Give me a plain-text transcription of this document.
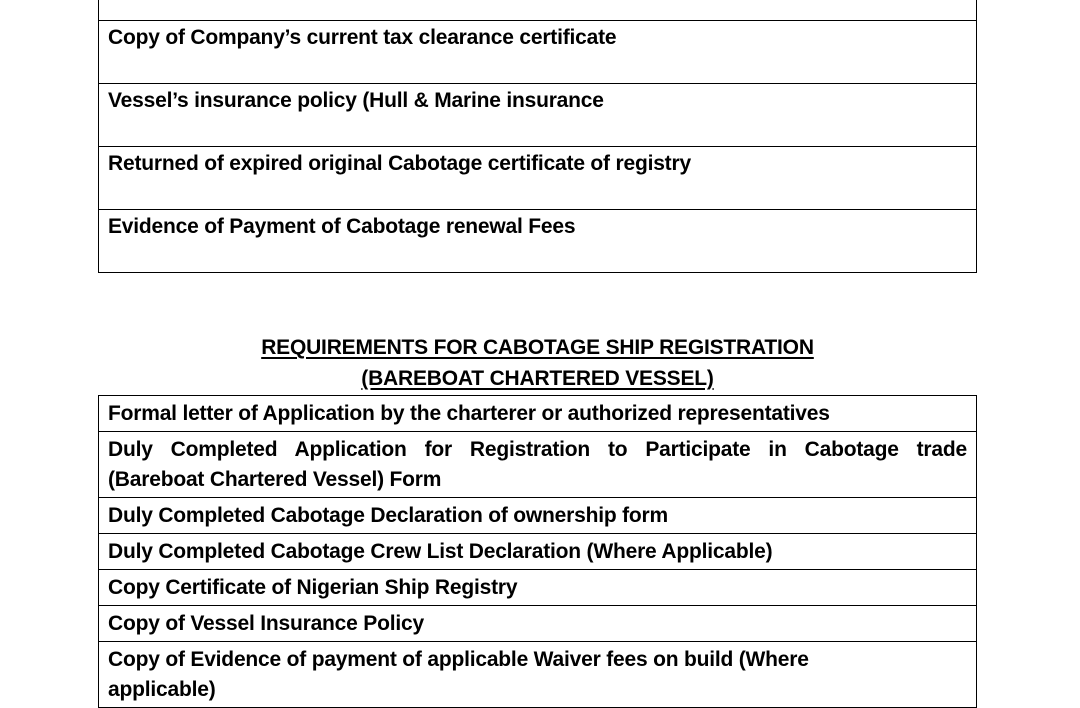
Copy of Company’s current tax clearance certificate
Vessel’s insurance policy (Hull & Marine insurance
Returned of expired original Cabotage certificate of registry
Evidence of Payment of Cabotage renewal Fees
REQUIREMENTS FOR CABOTAGE SHIP REGISTRATION
(BAREBOAT CHARTERED VESSEL)
Formal letter of Application by the charterer or authorized representatives

Duly Completed Application for Registration to Participate in Cabotage trade
(Bareboat Chartered Vessel) Form
Duly Completed Cabotage Declaration of ownership form
Duly Completed Cabotage Crew List Declaration (Where Applicable)
Copy Certificate of Nigerian Ship Registry
Copy of Vessel Insurance Policy

Copy of Evidence of payment of applicable Waiver fees on build (Where
applicable)
